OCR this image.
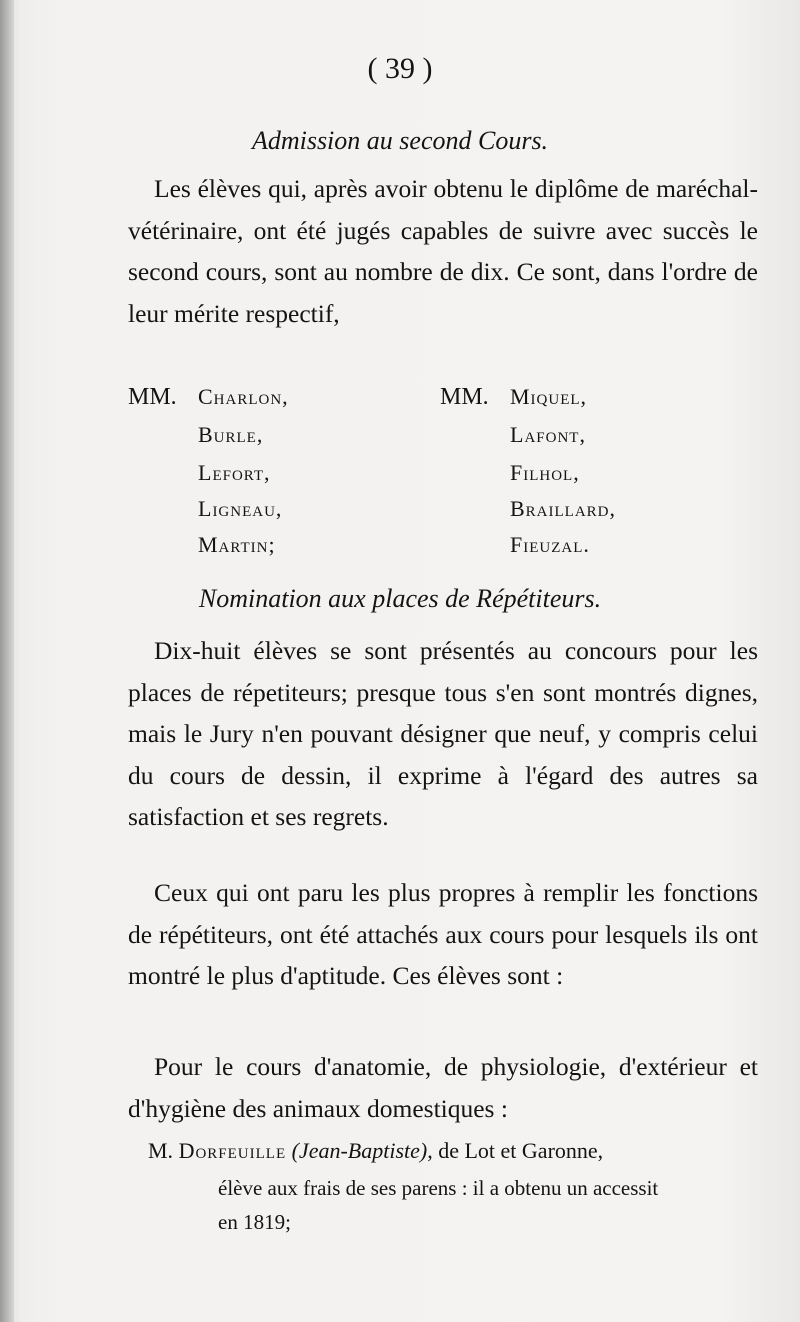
( 39 )
Admission au second Cours.

Les élèves qui, après avoir obtenu le diplôme de maréchal-vétérinaire, ont été jugés capables de suivre avec succès le second cours, sont au nombre de dix. Ce sont, dans l'ordre de leur mérite respectif,

MM. Charlon,	MM. Miquel,
Burle,	Lafont,
Lefort,	Filhol,
Ligneau,	Braillard,
Martin;	Fieuzal.
Nomination aux places de Répétiteurs.

Dix-huit élèves se sont présentés au concours pour les places de répetiteurs; presque tous s'en sont montrés dignes, mais le Jury n'en pouvant désigner que neuf, y compris celui du cours de dessin, il exprime à l'égard des autres sa satisfaction et ses regrets.

Ceux qui ont paru les plus propres à remplir les fonctions de répétiteurs, ont été attachés aux cours pour lesquels ils ont montré le plus d'aptitude. Ces élèves sont :

Pour le cours d'anatomie, de physiologie, d'extérieur et d'hygiène des animaux domestiques :

M. Dorfeuille (Jean-Baptiste), de Lot et Garonne,
élève aux frais de ses parens : il a obtenu un accessit
en 1819;
